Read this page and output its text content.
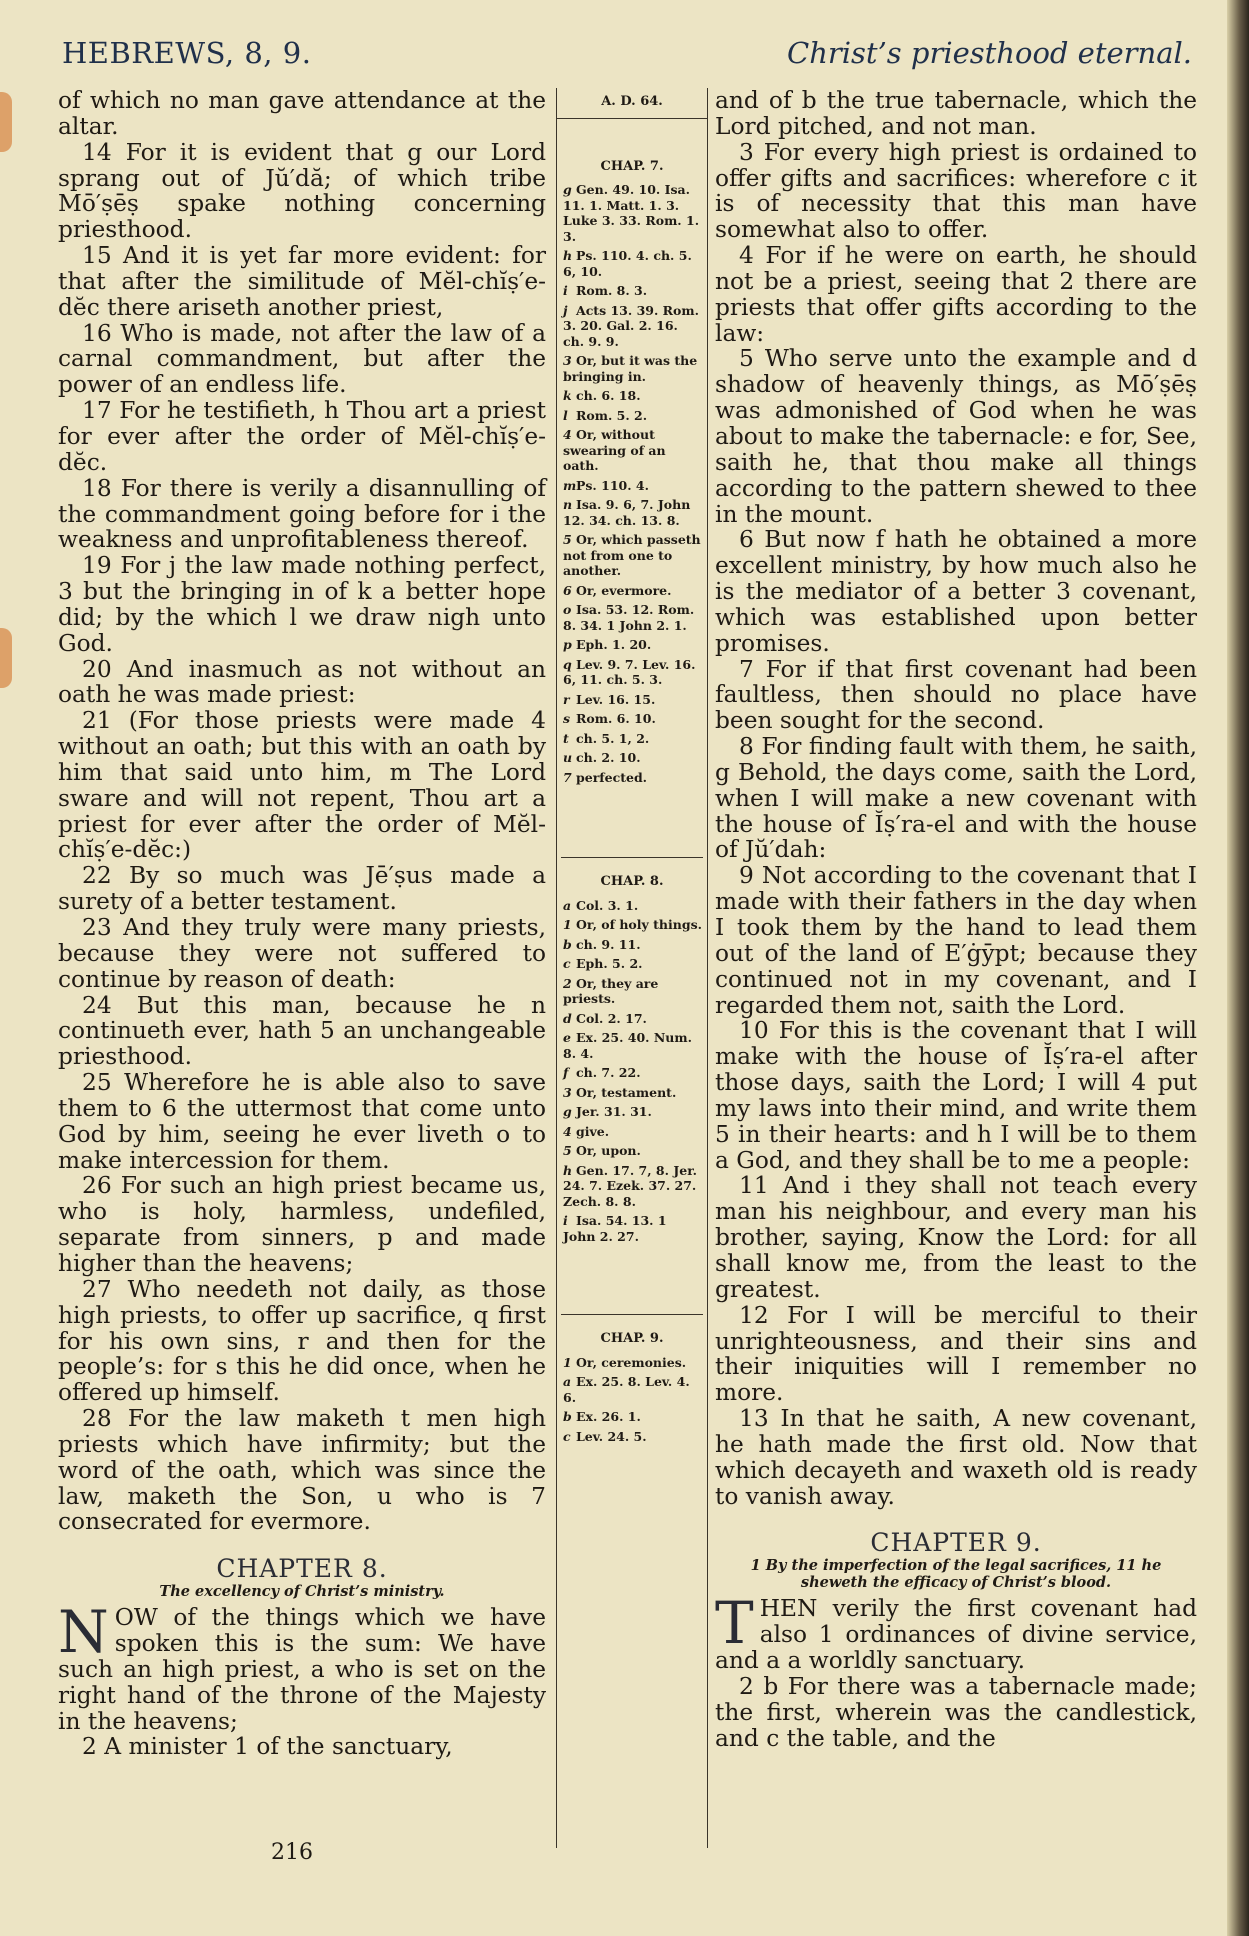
HEBREWS, 8, 9.	Christ’s priesthood eternal.

of which no man gave attendance at the altar.

14 For it is evident that g our Lord sprang out of Jŭ′dă; of which tribe Mō′ṣēṣ spake nothing concerning priesthood.

15 And it is yet far more evident: for that after the similitude of Mĕl-chĭṣ′e-dĕc there ariseth another priest,

16 Who is made, not after the law of a carnal commandment, but after the power of an endless life.

17 For he testifieth, h Thou art a priest for ever after the order of Mĕl-chĭṣ′e-dĕc.

18 For there is verily a disannulling of the commandment going before for i the weakness and unprofitableness thereof.

19 For j the law made nothing perfect, 3 but the bringing in of k a better hope did; by the which l we draw nigh unto God.

20 And inasmuch as not without an oath he was made priest:

21 (For those priests were made 4 without an oath; but this with an oath by him that said unto him, m The Lord sware and will not repent, Thou art a priest for ever after the order of Mĕl-chĭṣ′e-dĕc:)

22 By so much was Jē′ṣus made a surety of a better testament.

23 And they truly were many priests, because they were not suffered to continue by reason of death:

24 But this man, because he n continueth ever, hath 5 an unchangeable priesthood.

25 Wherefore he is able also to save them to 6 the uttermost that come unto God by him, seeing he ever liveth o to make intercession for them.

26 For such an high priest became us, who is holy, harmless, undefiled, separate from sinners, p and made higher than the heavens;

27 Who needeth not daily, as those high priests, to offer up sacrifice, q first for his own sins, r and then for the people’s: for s this he did once, when he offered up himself.

28 For the law maketh t men high priests which have infirmity; but the word of the oath, which was since the law, maketh the Son, u who is 7 consecrated for evermore.

CHAPTER 8.
The excellency of Christ’s ministry.
N OW of the things which we have spoken this is the sum: We have such an high priest, a who is set on the right hand of the throne of the Majesty in the heavens;

2 A minister 1 of the sanctuary,

A. D. 64.
CHAP. 7.
g Gen. 49. 10. Isa. 11. 1. Matt. 1. 3. Luke 3. 33. Rom. 1. 3.
h Ps. 110. 4. ch. 5. 6, 10.
i Rom. 8. 3.
j Acts 13. 39. Rom. 3. 20. Gal. 2. 16. ch. 9. 9.
3 Or, but it was the bringing in.
k ch. 6. 18.
l Rom. 5. 2.
4 Or, without swearing of an oath.
mPs. 110. 4.
n Isa. 9. 6, 7. John 12. 34. ch. 13. 8.
5 Or, which passeth not from one to another.
6 Or, evermore.
o Isa. 53. 12. Rom. 8. 34. 1 John 2. 1.
p Eph. 1. 20.
q Lev. 9. 7. Lev. 16. 6, 11. ch. 5. 3.
r Lev. 16. 15.
s Rom. 6. 10.
t ch. 5. 1, 2.
u ch. 2. 10.
7 perfected.
CHAP. 8.
a Col. 3. 1.
1 Or, of holy things.
b ch. 9. 11.
c Eph. 5. 2.
2 Or, they are priests.
d Col. 2. 17.
e Ex. 25. 40. Num. 8. 4.
f ch. 7. 22.
3 Or, testament.
g Jer. 31. 31.
4 give.
5 Or, upon.
h Gen. 17. 7, 8. Jer. 24. 7. Ezek. 37. 27. Zech. 8. 8.
i Isa. 54. 13. 1 John 2. 27.
CHAP. 9.
1 Or, ceremonies.
a Ex. 25. 8. Lev. 4. 6.
b Ex. 26. 1.
c Lev. 24. 5.

and of b the true tabernacle, which the Lord pitched, and not man.

3 For every high priest is ordained to offer gifts and sacrifices: wherefore c it is of necessity that this man have somewhat also to offer.

4 For if he were on earth, he should not be a priest, seeing that 2 there are priests that offer gifts according to the law:

5 Who serve unto the example and d shadow of heavenly things, as Mō′ṣēṣ was admonished of God when he was about to make the tabernacle: e for, See, saith he, that thou make all things according to the pattern shewed to thee in the mount.

6 But now f hath he obtained a more excellent ministry, by how much also he is the mediator of a better 3 covenant, which was established upon better promises.

7 For if that first covenant had been faultless, then should no place have been sought for the second.

8 For finding fault with them, he saith, g Behold, the days come, saith the Lord, when I will make a new covenant with the house of Ĭṣ′ra-el and with the house of Jŭ′dah:

9 Not according to the covenant that I made with their fathers in the day when I took them by the hand to lead them out of the land of E′ġȳpt; because they continued not in my covenant, and I regarded them not, saith the Lord.

10 For this is the covenant that I will make with the house of Ĭṣ′ra-el after those days, saith the Lord; I will 4 put my laws into their mind, and write them 5 in their hearts: and h I will be to them a God, and they shall be to me a people:

11 And i they shall not teach every man his neighbour, and every man his brother, saying, Know the Lord: for all shall know me, from the least to the greatest.

12 For I will be merciful to their unrighteousness, and their sins and their iniquities will I remember no more.

13 In that he saith, A new covenant, he hath made the first old. Now that which decayeth and waxeth old is ready to vanish away.

CHAPTER 9.
1 By the imperfection of the legal sacrifices, 11 he sheweth the efficacy of Christ’s blood.
T HEN verily the first covenant had also 1 ordinances of divine service, and a a worldly sanctuary.

2 b For there was a tabernacle made; the first, wherein was the candlestick, and c the table, and the

216
